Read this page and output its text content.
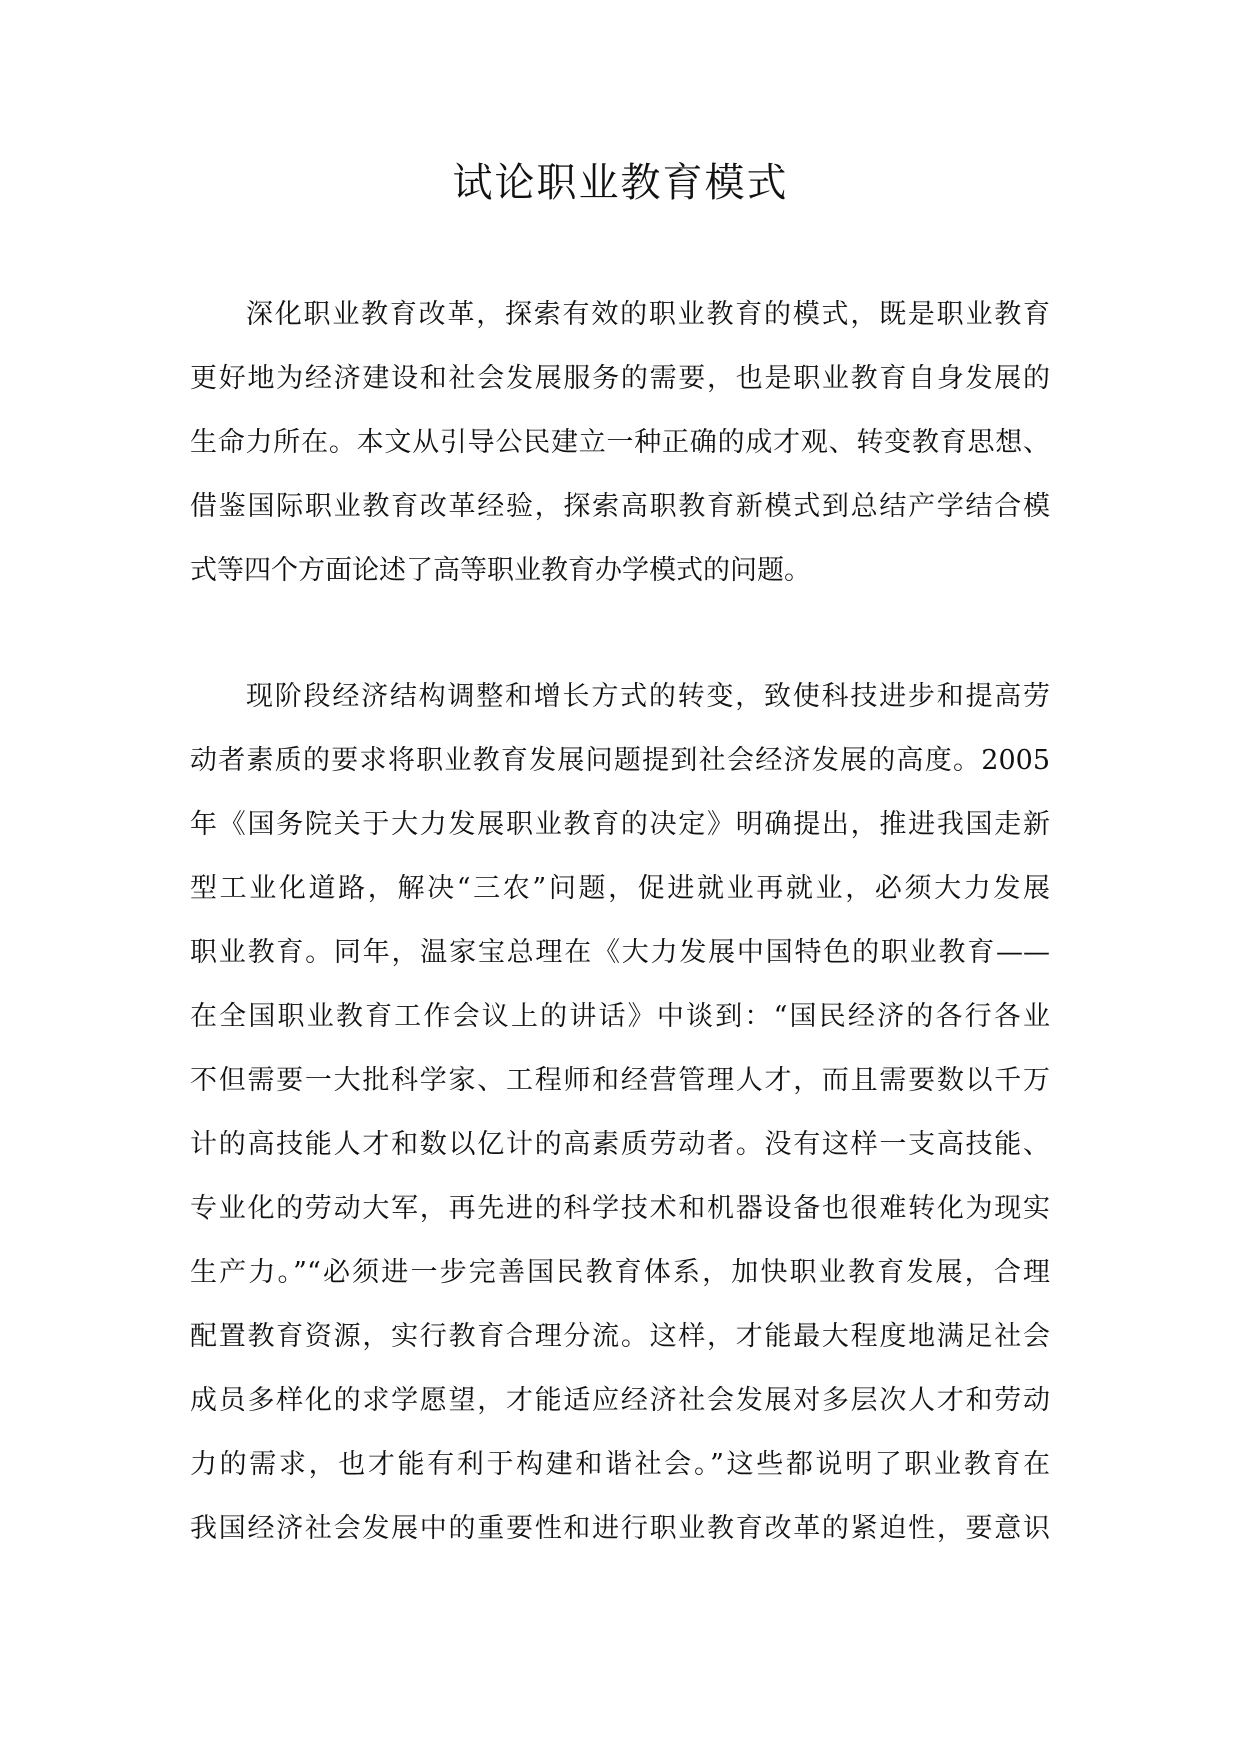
试论职业教育模式
深化职业教育改革，探索有效的职业教育的模式，既是职业教育
更好地为经济建设和社会发展服务的需要，也是职业教育自身发展的
生命力所在。本文从引导公民建立一种正确的成才观、转变教育思想、
借鉴国际职业教育改革经验，探索高职教育新模式到总结产学结合模
式等四个方面论述了高等职业教育办学模式的问题。
现阶段经济结构调整和增长方式的转变，致使科技进步和提高劳
动者素质的要求将职业教育发展问题提到社会经济发展的高度。2005
年《国务院关于大力发展职业教育的决定》明确提出，推进我国走新
型工业化道路，解决“三农”问题，促进就业再就业，必须大力发展
职业教育。同年，温家宝总理在《大力发展中国特色的职业教育——
在全国职业教育工作会议上的讲话》中谈到：“国民经济的各行各业
不但需要一大批科学家、工程师和经营管理人才，而且需要数以千万
计的高技能人才和数以亿计的高素质劳动者。没有这样一支高技能、
专业化的劳动大军，再先进的科学技术和机器设备也很难转化为现实
生产力。”“必须进一步完善国民教育体系，加快职业教育发展，合理
配置教育资源，实行教育合理分流。这样，才能最大程度地满足社会
成员多样化的求学愿望，才能适应经济社会发展对多层次人才和劳动
力的需求，也才能有利于构建和谐社会。”这些都说明了职业教育在
我国经济社会发展中的重要性和进行职业教育改革的紧迫性，要意识
